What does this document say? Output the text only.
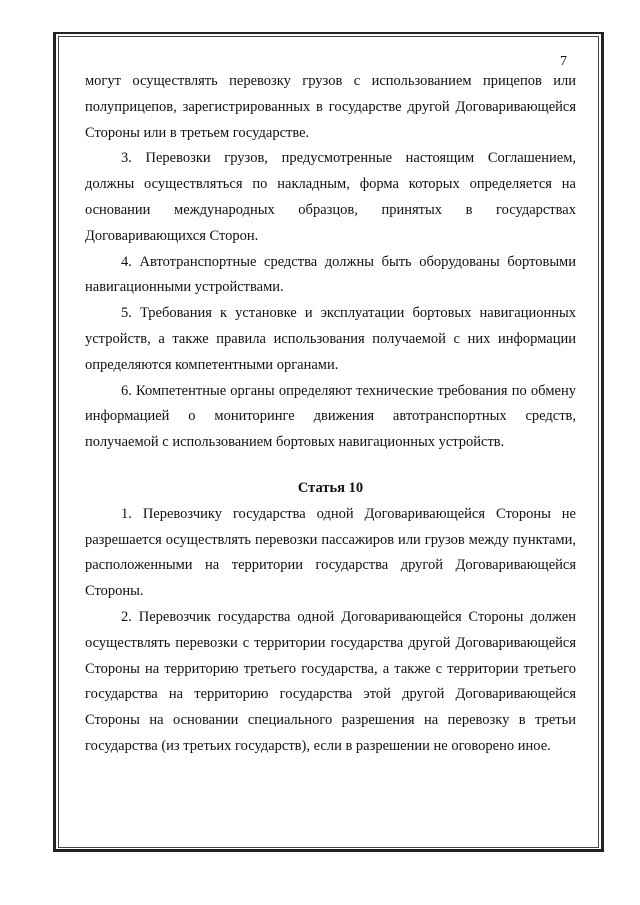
7

могут осуществлять перевозку грузов с использованием прицепов или полуприцепов, зарегистрированных в государстве другой Договаривающейся Стороны или в третьем государстве.

3. Перевозки грузов, предусмотренные настоящим Соглашением, должны осуществляться по накладным, форма которых определяется на основании международных образцов, принятых в государствах Договаривающихся Сторон.

4. Автотранспортные средства должны быть оборудованы бортовыми навигационными устройствами.

5. Требования к установке и эксплуатации бортовых навигационных устройств, а также правила использования получаемой с них информации определяются компетентными органами.

6. Компетентные органы определяют технические требования по обмену информацией о мониторинге движения автотранспортных средств, получаемой с использованием бортовых навигационных устройств.

Статья 10

1. Перевозчику государства одной Договаривающейся Стороны не разрешается осуществлять перевозки пассажиров или грузов между пунктами, расположенными на территории государства другой Договаривающейся Стороны.

2. Перевозчик государства одной Договаривающейся Стороны должен осуществлять перевозки с территории государства другой Договаривающейся Стороны на территорию третьего государства, а также с территории третьего государства на территорию государства этой другой Договаривающейся Стороны на основании специального разрешения на перевозку в третьи государства (из третьих государств), если в разрешении не оговорено иное.
